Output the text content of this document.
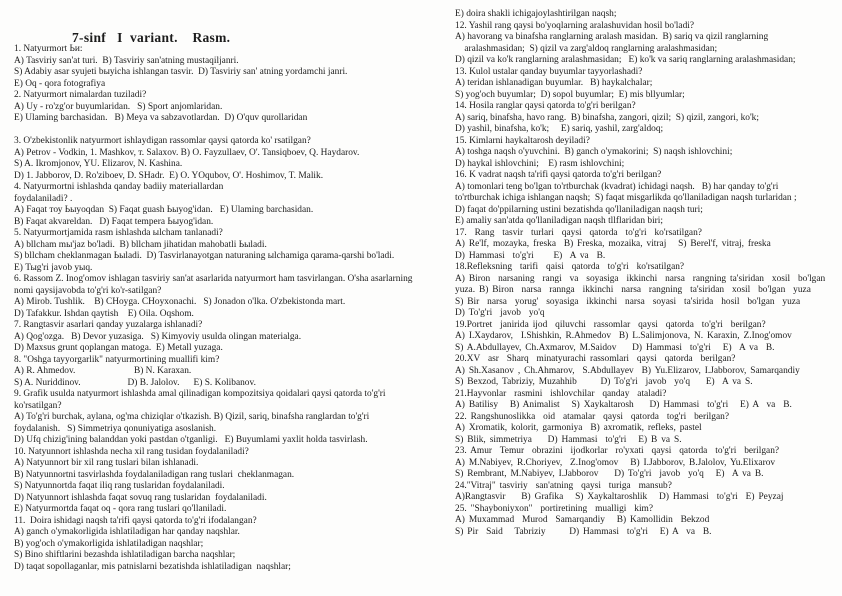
7-sinf   I  variant.    Rasm.
1. Natyurmort Ьи:
A) Tasviriy san'at turi.  B) Tasviriy san'atning mustaqiljanri.
S) Adabiy asar syujeti bыyicha ishlangan tasvir.  D) Tasviriy san' atning yordamchi janri.
E) Oq - qora fotografiya
2. Natyurmort nimalardan tuziladi?
A) Uy - ro'zg'or buyumlaridan.   S) Sport anjomlaridan.
E) Ulaming barchasidan.   B) Meya va sabzavotlardan.  D) O'quv qurollaridan

3. O'zbekistonlik natyurmort ishlaydigan rassomlar qaysi qatorda ko' rsatilgan?
A) Petrov - Vodkin, 1. Mashkov, т. Salaxov. B) O. Fayzullaev, O'. Tansiqboev, Q. Haydarov.
S) A. Ikromjonov, YU. Elizarov, N. Kashina.
D) 1. Jabborov, D. Ro'ziboev, D. SHadr.  E) O. YOqubov, O'. Hoshimov, T. Malik.
4. Natyurmortni ishlashda qanday badiiy materiallardan
foydalaniladi? .
A) Faqat тоу Ьыyoqdan  S) Faqat guash Ьыyog'idan.   E) Ulaming barchasidan.
B) Faqat akvareldan.   D) Faqat tempera Ьыyog'idan.
5. Natyurmortjamida rasm ishlashda ыlcham tanlanadi?
A) bllcham mы'jaz bo'ladi.  B) bllcham jihatidan mahobatli Ьыladi.
S) bllcham cheklanmagan Ьыladi.  D) Tasvirlanayotgan naturaning ыlchamiga qarama-qarshi bo'ladi.
E) Тыg'ri javob уыq.
6. Rassom Z. Inog'omov ishlagan tasviriy san'at asarlarida natyurmort ham tasvirlangan. O'sha asarlarning
nomi qaysijavobda to'g'ri ko'r-satilgan?
A) Mirob. Tushlik.    B) CHoyga. CHoyxonachi.   S) Jonadon o'lka. O'zbekistonda mart.
D) Tafakkur. Ishdan qaytish    E) Oila. Oqshom.
7. Rangtasvir asarlari qanday yuzalarga ishlanadi?
A) Qog'ozga.   B) Devor yuzasiga.   S) Kimyoviy usulda olingan materialga.
D) Maxsus grunt qoplangan matoga.  E) Metall yuzaga.
8. "Oshga tayyorgarlik" natyurmortining muallifi kim?
A) R. Ahmedov.                         B) N. Karaxan.
S) A. Nuriddinov.                    D) B. Jalolov.      E) S. Kolibanov.
9. Grafik usulda natyurmort ishlashda amal qilinadigan kompozitsiya qoidalari qaysi qatorda to'g'ri
ko'rsatilgan?
A) To'g'ri burchak, aylana, og'ma chiziqlar o'tkazish. B) Qizil, sariq, binafsha ranglardan to'g'ri
foydalanish.   S) Simmetriya qonuniyatiga asoslanish.
D) Ufq chizig'ining balanddan yoki pastdan o'tganligi.   E) Buyumlami yaxlit holda tasvirlash.
10. Natyunnort ishlashda necha xil rang tusidan foydalaniladi?
A) Natyunnort bir xil rang tuslari bilan ishlanadi.
B) Natyunnortni tasvirlashda foydalaniladigan rang tuslari  cheklanmagan.
S) Natyunnortda faqat iliq rang tuslaridan foydalaniladi.
D) Natyunnort ishlashda faqat sovuq rang tuslaridan  foydalaniladi.
E) Natyurmortda faqat oq - qora rang tuslari qo'llaniladi.
11.  Doira ishidagi naqsh ta'rifi qaysi qatorda to'g'ri ifodalangan?
A) ganch o'ymakorligida ishlatiladigan har qanday naqshlar.
B) yog'och o'ymakorligida ishlatiladigan naqshlar;
S) Bino shiftlarini bezashda ishlatiladigan barcha naqshlar;
D) taqat sopollaganlar, mis patnislarni bezatishda ishlatiladigan  naqshlar;
E) doira shakli ichigajoylashtirilgan naqsh;
12. Yashil rang qaysi bo'yoqlarning aralashuvidan hosil bo'ladi?
A) havorang va binafsha ranglarning aralash masidan.  B) sariq va qizil ranglarning
aralashmasidan;  S) qizil va zarg'aldoq ranglarning aralashmasidan;
D) qizil va ko'k ranglarning aralashmasidan;   E) ko'k va sariq ranglarning aralashmasidan;
13. Kulol ustalar qanday buyumlar tayyorlashadi?
A) teridan ishlanadigan buyumlar.   B) haykalchalar;
S) yog'och buyumlar;  D) sopol buyumlar;  E) mis bllyumlar;
14. Hosila ranglar qaysi qatorda to'g'ri berilgan?
A) sariq, binafsha, havo rang.  B) binafsha, zangori, qizil;  S) qizil, zangori, ko'k;
D) yashil, binafsha, ko'k;     E) sariq, yashil, zarg'aldoq;
15. Kimlarni haykaltarosh deyiladi?
A) toshga naqsh o'yuvchini.  B) ganch o'ymakorini;  S) naqsh ishlovchini;
D) haykal ishlovchini;    E) rasm ishlovchini;
16. K vadrat naqsh ta'rifi qaysi qatorda to'g'ri berilgan?
A) tomonlari teng bo'lgan to'rtburchak (kvadrat) ichidagi naqsh.   B) har qanday to'g'ri
to'rtburchak ichiga ishlangan naqsh;  S) faqat misgarlikda qo'llaniladigan naqsh turlaridan ;
D) faqat do'ppilarning ustini bezatishda qo'llaniladigan naqsh turi;
E) amaliy san'atda qo'llaniladigan naqsh tllflaridan biri;
17.  Rang  tasvir  turlari  qaysi  qatorda  to'g'ri  ko'rsatilgan?
A) Re'lf, mozayka, freska  B) Freska, mozaika, vitraj   S) Berel'f, vitraj, freska
D) Hammasi  to'g'ri     E)  A va  B.
18.Refleksning  tarifi  qaisi  qatorda  to'g'ri  ko'rsatilgan?
A) Biron  narsaning  rangi  va  soyasiga  ikkinchi  narsa  rangning ta'siridan  xosil  bo'lgan
yuza. B) Biron  narsa  rannga  ikkinchi  narsa  rangning  ta'siridan  xosil  bo'lgan  yuza
S) Bir  narsa  yorug'  soyasiga  ikkinchi  narsa  soyasi  ta'sirida  hosil  bo'lgan  yuza
D) To'g'ri  javob  yo'q
19.Portret  janirida ijod  qiluvchi  rassomlar  qaysi  qatorda  to'g'ri  berilgan?
A) I.Xaydarov,  I.Shishkin, R.Ahmedov  B) L.Salimjonova, N. Karaxin, Z.Inog'omov
S) A.Abdullayev, Ch.Axmarov, M.Saidov    D) Hammasi  to'g'ri   E)  A va  B.
20.XV  asr  Sharq  minatyurachi rassomlari  qaysi  qatorda  berilgan?
A) Sh.Xasanov , Ch.Ahmarov,  S.Abdullayev  B) Yu.Elizarov, I.Jabborov, Samarqandiy
S) Bexzod, Tabriziy, Muzahhib      D) To'g'ri  javob  yo'q    E)  A va S.
21.Hayvonlar  rasmini  ishlovchilar  qanday  ataladi?
A) Batilisy   B) Animalist   S) Xaykaltarosh    D) Hammasi  to'g'ri   E) A  va  B.
22. Rangshunoslikka  oid  atamalar  qaysi  qatorda  tog'ri  berilgan?
A) Xromatik, kolorit, garmoniya  B) axromatik, refleks, pastel
S) Blik, simmetriya    D) Hammasi  to'g'ri   E) B va S.
23. Amur  Temur  obrazini  ijodkorlar  ro'yxati  qaysi  qatorda  to'g'ri  berilgan?
A) M.Nabiyev, R.Choriyev,  Z.Inog'omov   B) I.Jabborov, B.Jalolov, Yu.Elixarov
S) Rembrant, M.Nabiyev, I.Jabborov    D) To'g'ri  javob  yo'q   E)  A va B.
24."Vitraj" tasviriy  san'atning  qaysi  turiga  mansub?
A)Rangtasvir    B) Grafika   S) Xaykaltaroshlik   D) Hammasi  to'g'ri  E) Peyzaj
25. "Shayboniyxon"  portiretining  mualligi  kim?
A) Muxammad  Murod  Samarqandiy   B) Kamollidin  Bekzod
S) Pir  Said   Tabriziy      D) Hammasi  to'g'ri   E) A  va  B.
